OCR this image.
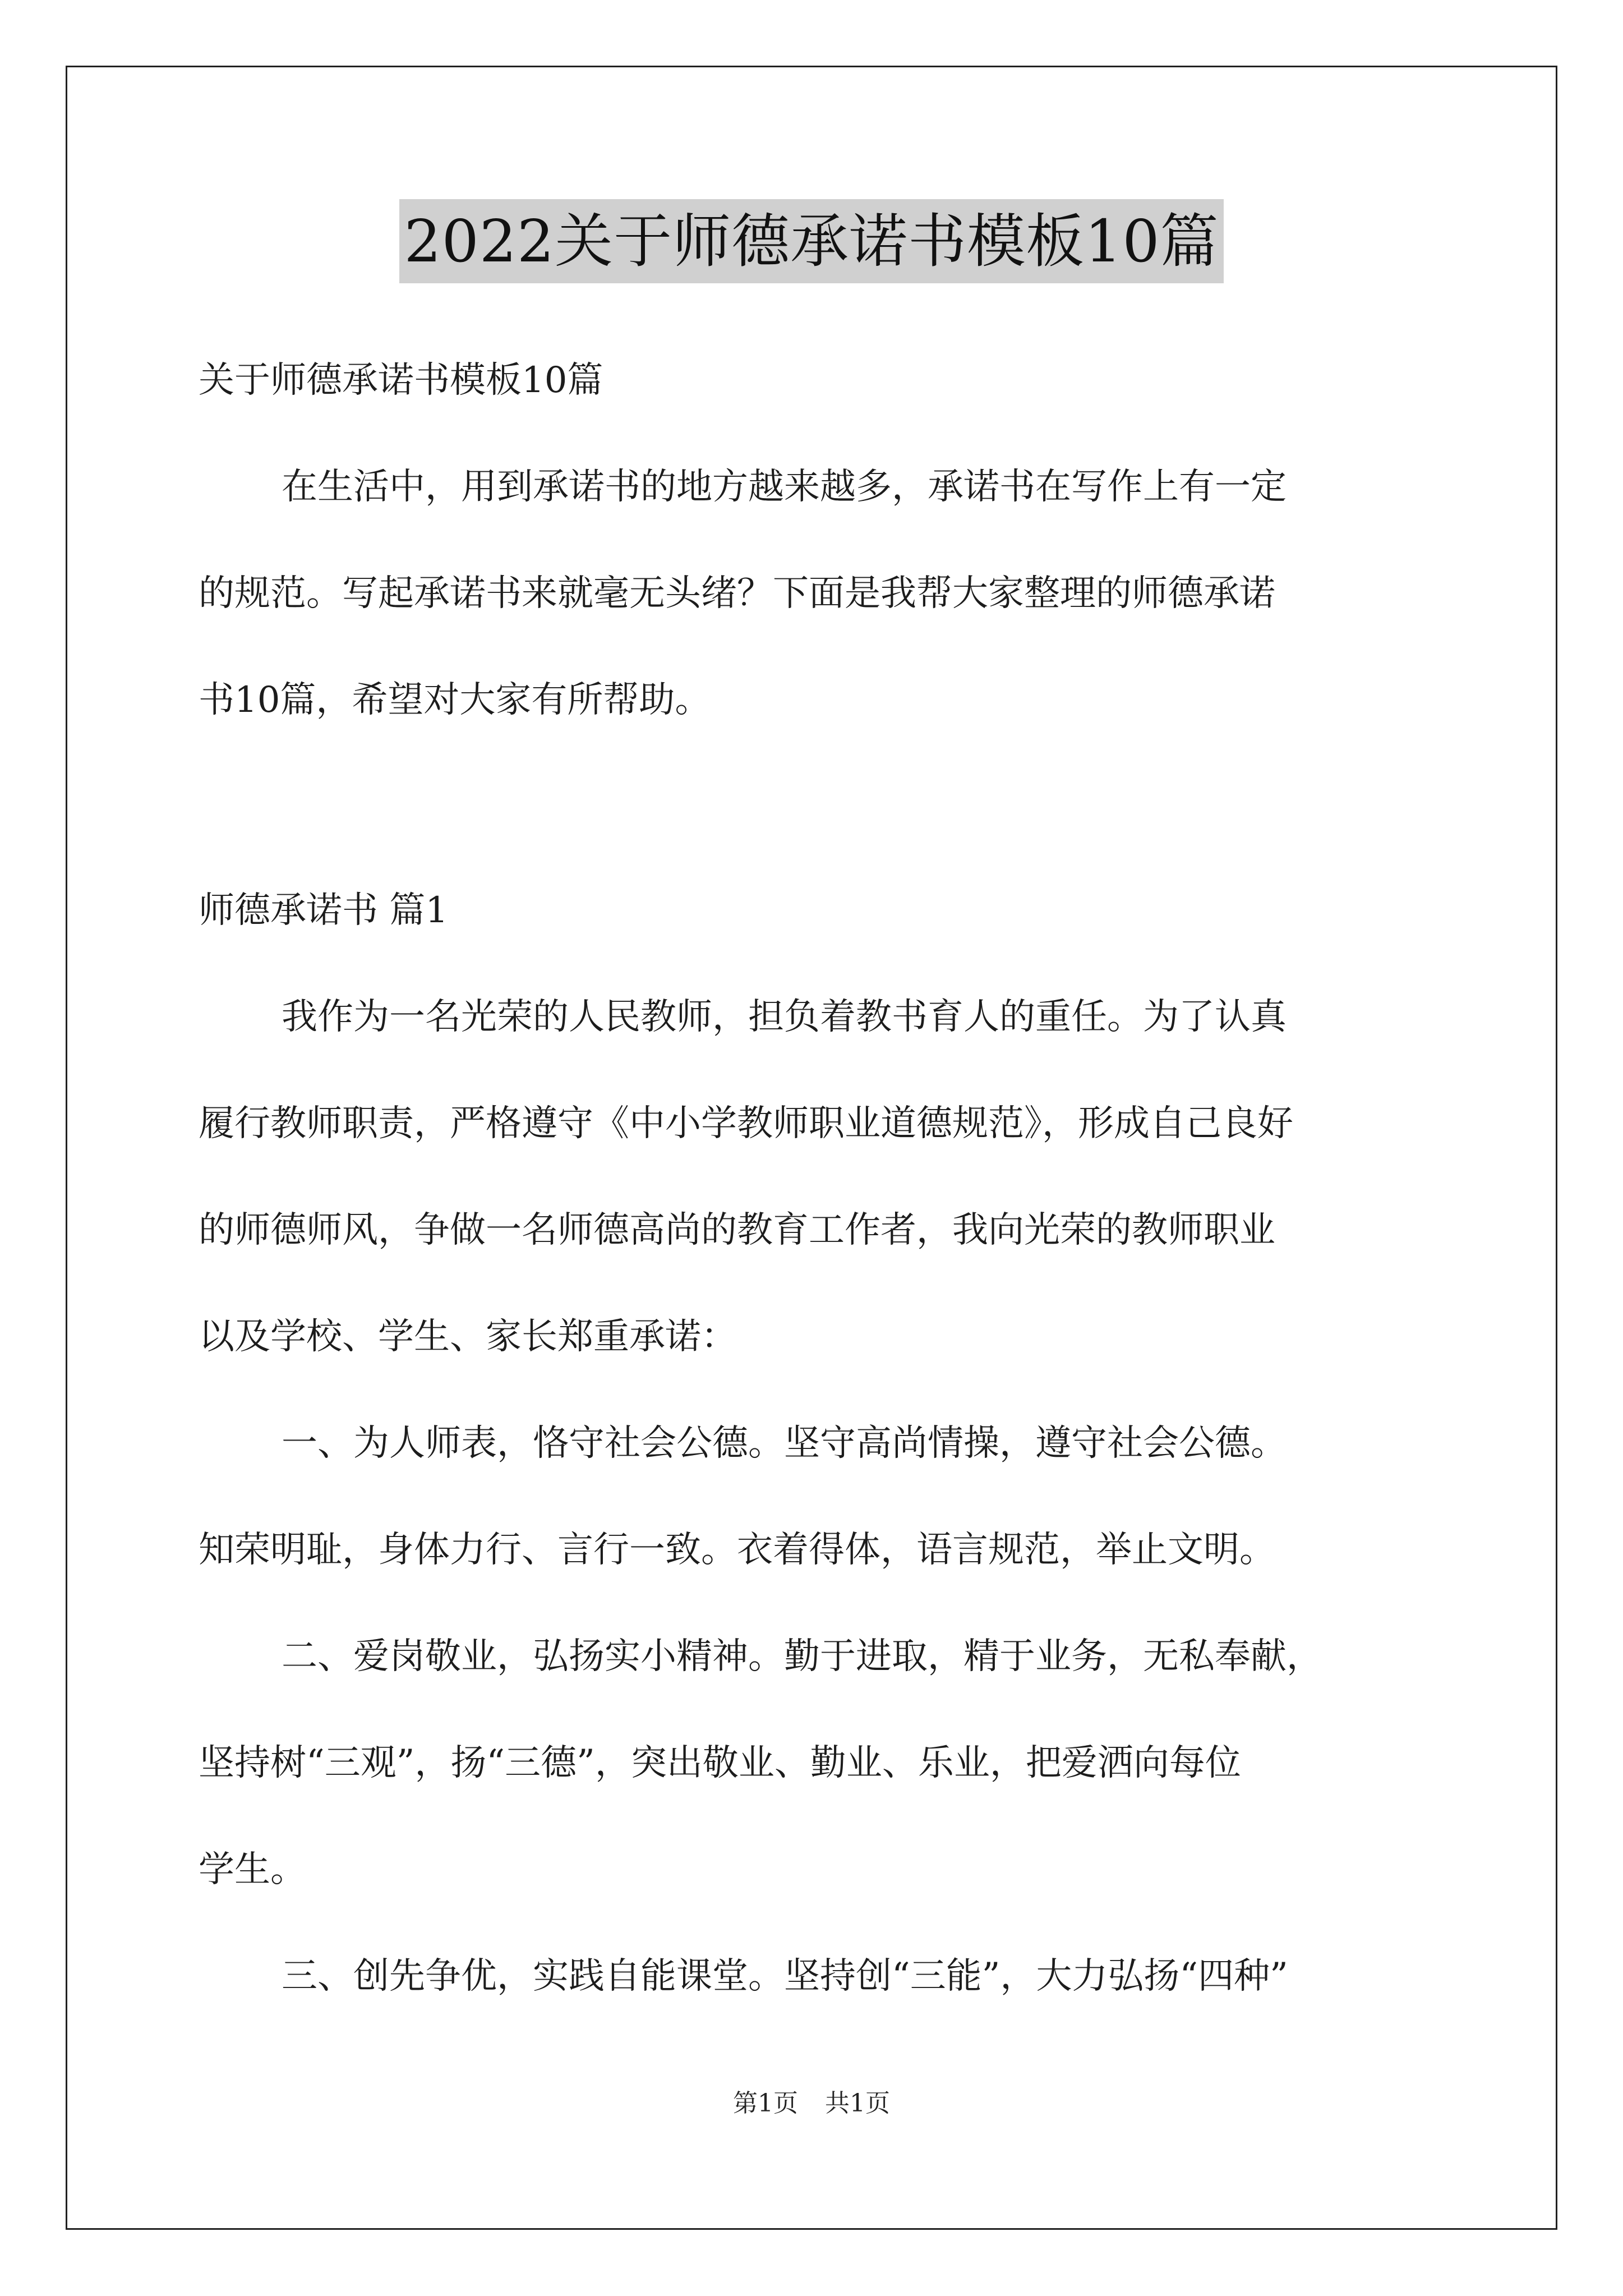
2022关于师德承诺书模板10篇
关于师德承诺书模板10篇
在生活中，用到承诺书的地方越来越多，承诺书在写作上有一定
的规范。写起承诺书来就毫无头绪？下面是我帮大家整理的师德承诺
书10篇，希望对大家有所帮助。
师德承诺书 篇1
我作为一名光荣的人民教师，担负着教书育人的重任。为了认真
履行教师职责，严格遵守《中小学教师职业道德规范》，形成自己良好
的师德师风，争做一名师德高尚的教育工作者，我向光荣的教师职业
以及学校、学生、家长郑重承诺：
一、为人师表，恪守社会公德。坚守高尚情操，遵守社会公德。
知荣明耻，身体力行、言行一致。衣着得体，语言规范，举止文明。
二、爱岗敬业，弘扬实小精神。勤于进取，精于业务，无私奉献，
坚持树“三观”，扬“三德”，突出敬业、勤业、乐业，把爱洒向每位
学生。
三、创先争优，实践自能课堂。坚持创“三能”，大力弘扬“四种”
第1页 共1页
